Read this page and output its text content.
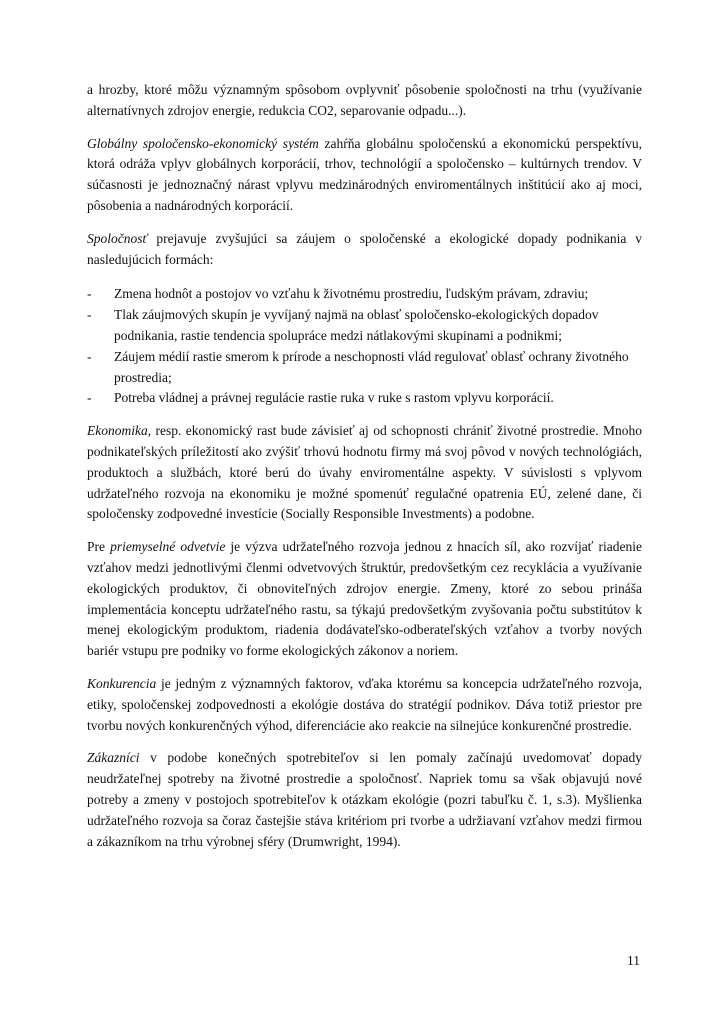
a hrozby, ktoré môžu významným spôsobom ovplyvniť pôsobenie spoločnosti na trhu (využívanie alternatívnych zdrojov energie, redukcia CO2, separovanie odpadu...).

Globálny spoločensko-ekonomický systém zahŕňa globálnu spoločenskú a ekonomickú perspektívu, ktorá odráža vplyv globálnych korporácií, trhov, technológií a spoločensko – kultúrnych trendov. V súčasnosti je jednoznačný nárast vplyvu medzinárodných enviromentálnych inštitúcií ako aj moci, pôsobenia a nadnárodných korporácií.

Spoločnosť prejavuje zvyšujúci sa záujem o spoločenské a ekologické dopady podnikania v nasledujúcich formách:

- Zmena hodnôt a postojov vo vzťahu k životnému prostrediu, ľudským právam, zdraviu;
- Tlak záujmových skupín je vyvíjaný najmä na oblasť spoločensko-ekologických dopadov podnikania, rastie tendencia spolupráce medzi nátlakovými skupinami a podnikmi;
- Záujem médií rastie smerom k prírode a neschopnosti vlád regulovať oblasť ochrany životného prostredia;
- Potreba vládnej a právnej regulácie rastie ruka v ruke s rastom vplyvu korporácií.

Ekonomika, resp. ekonomický rast bude závisieť aj od schopnosti chrániť životné prostredie. Mnoho podnikateľských príležitostí ako zvýšiť trhovú hodnotu firmy má svoj pôvod v nových technológiách, produktoch a službách, ktoré berú do úvahy enviromentálne aspekty. V súvislosti s vplyvom udržateľného rozvoja na ekonomiku je možné spomenúť regulačné opatrenia EÚ, zelené dane, či spoločensky zodpovedné investície (Socially Responsible Investments) a podobne.

Pre priemyselné odvetvie je výzva udržateľného rozvoja jednou z hnacích síl, ako rozvíjať riadenie vzťahov medzi jednotlivými členmi odvetvových štruktúr, predovšetkým cez recyklácia a využívanie ekologických produktov, či obnoviteľných zdrojov energie. Zmeny, ktoré zo sebou prináša implementácia konceptu udržateľného rastu, sa týkajú predovšetkým zvyšovania počtu substitútov k menej ekologickým produktom, riadenia dodávateľsko-odberateľských vzťahov a tvorby nových bariér vstupu pre podniky vo forme ekologických zákonov a noriem.

Konkurencia je jedným z významných faktorov, vďaka ktorému sa koncepcia udržateľného rozvoja, etiky, spoločenskej zodpovednosti a ekológie dostáva do stratégií podnikov. Dáva totiž priestor pre tvorbu nových konkurenčných výhod, diferenciácie ako reakcie na silnejúce konkurenčné prostredie.

Zákazníci v podobe konečných spotrebiteľov si len pomaly začínajú uvedomovať dopady neudržateľnej spotreby na životné prostredie a spoločnosť. Napriek tomu sa však objavujú nové potreby a zmeny v postojoch spotrebiteľov k otázkam ekológie (pozri tabuľku č. 1, s.3). Myšlienka udržateľného rozvoja sa čoraz častejšie stáva kritériom pri tvorbe a udržiavaní vzťahov medzi firmou a zákazníkom na trhu výrobnej sféry (Drumwright, 1994).

11
